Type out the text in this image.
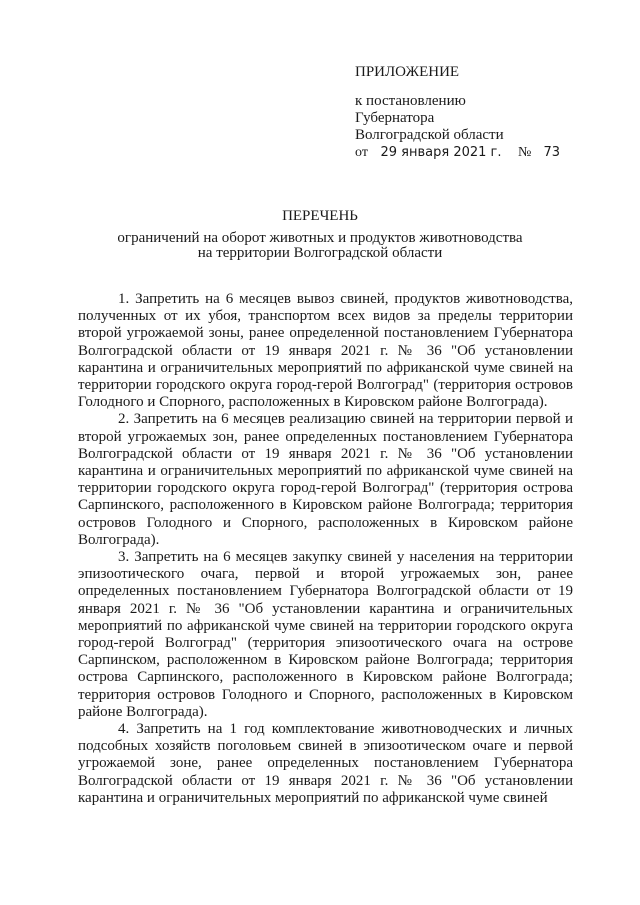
ПРИЛОЖЕНИЕ
к постановлению
Губернатора
Волгоградской области
от 29 января 2021 г. № 73
ПЕРЕЧЕНЬ
ограничений на оборот животных и продуктов животноводства
на территории Волгоградской области

1. Запретить на 6 месяцев вывоз свиней, продуктов животноводства, полученных от их убоя, транспортом всех видов за пределы территории второй угрожаемой зоны, ранее определенной постановлением Губернатора Волгоградской области от 19 января 2021 г. № 36 "Об установлении карантина и ограничительных мероприятий по африканской чуме свиней на территории городского округа город-герой Волгоград" (территория островов Голодного и Спорного, расположенных в Кировском районе Волгограда).

2. Запретить на 6 месяцев реализацию свиней на территории первой и второй угрожаемых зон, ранее определенных постановлением Губернатора Волгоградской области от 19 января 2021 г. № 36 "Об установлении карантина и ограничительных мероприятий по африканской чуме свиней на территории городского округа город-герой Волгоград" (территория острова Сарпинского, расположенного в Кировском районе Волгограда; территория островов Голодного и Спорного, расположенных в Кировском районе Волгограда).

3. Запретить на 6 месяцев закупку свиней у населения на территории эпизоотического очага, первой и второй угрожаемых зон, ранее определенных постановлением Губернатора Волгоградской области от 19 января 2021 г. № 36 "Об установлении карантина и ограничительных мероприятий по африканской чуме свиней на территории городского округа город-герой Волгоград" (территория эпизоотического очага на острове Сарпинском, расположенном в Кировском районе Волгограда; территория острова Сарпинского, расположенного в Кировском районе Волгограда; территория островов Голодного и Спорного, расположенных в Кировском районе Волгограда).

4. Запретить на 1 год комплектование животноводческих и личных подсобных хозяйств поголовьем свиней в эпизоотическом очаге и первой угрожаемой зоне, ранее определенных постановлением Губернатора Волгоградской области от 19 января 2021 г. № 36 "Об установлении карантина и ограничительных мероприятий по африканской чуме свиней
